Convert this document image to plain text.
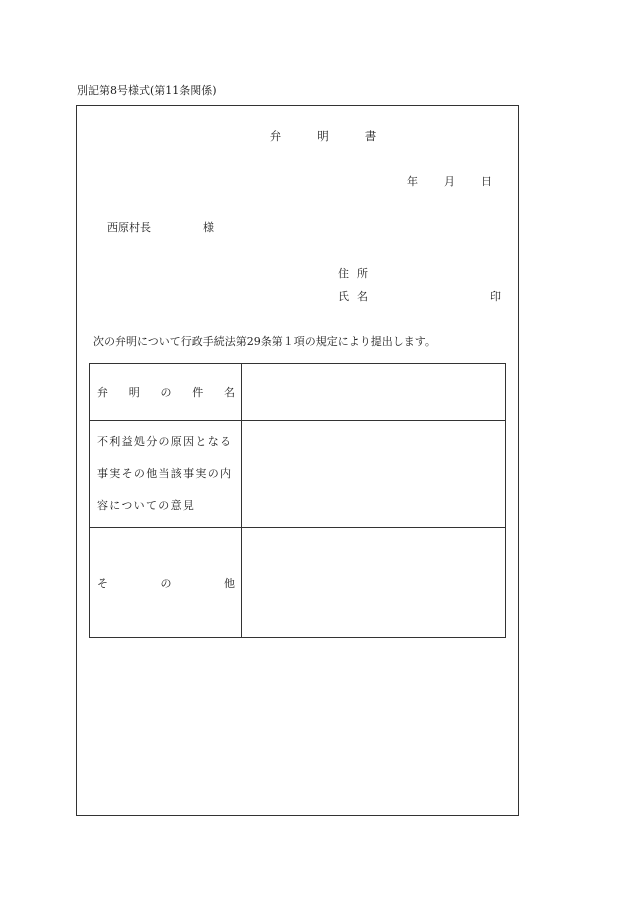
別記第8号様式(第11条関係)
弁	明	書
年 月 日
西原村長	様
住 所
氏 名	印
次の弁明について行政手続法第29条第１項の規定により提出します。
弁 明 の 件 名	

不利益処分の原因となる
事実その他当該事実の内
容についての意見	

そ の 他	
